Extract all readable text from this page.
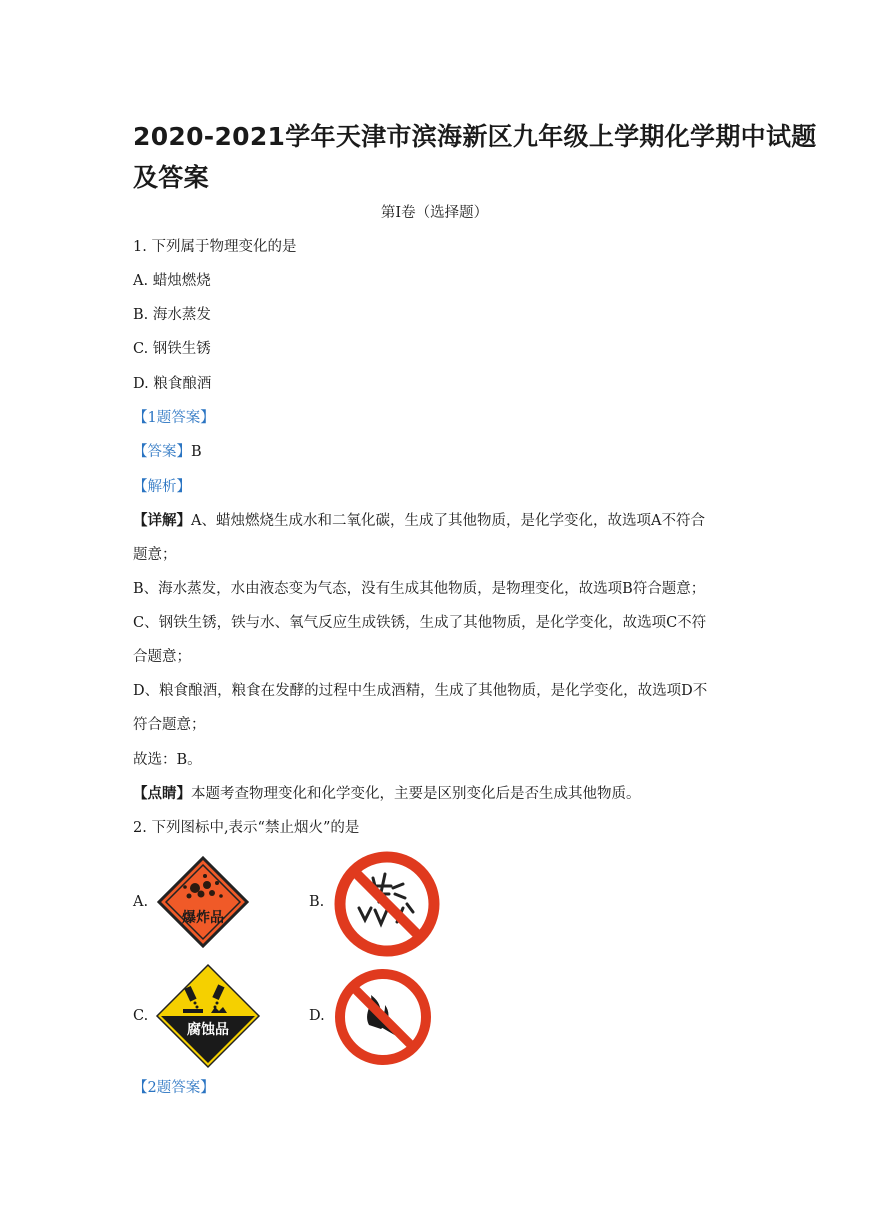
2020-2021学年天津市滨海新区九年级上学期化学期中试题
及答案
第Ⅰ卷（选择题）
1. 下列属于物理变化的是
A. 蜡烛燃烧
B. 海水蒸发
C. 钢铁生锈
D. 粮食酿酒
【1题答案】
【答案】B
【解析】
【详解】A、蜡烛燃烧生成水和二氧化碳，生成了其他物质，是化学变化，故选项A不符合
题意；
B、海水蒸发，水由液态变为气态，没有生成其他物质，是物理变化，故选项B符合题意；
C、钢铁生锈，铁与水、氧气反应生成铁锈，生成了其他物质，是化学变化，故选项C不符
合题意；
D、粮食酿酒，粮食在发酵的过程中生成酒精，生成了其他物质，是化学变化，故选项D不
符合题意；
故选：B。
【点睛】本题考查物理变化和化学变化，主要是区别变化后是否生成其他物质。
2. 下列图标中,表示“禁止烟火”的是
A.
爆炸品
B.
C.
腐蚀品
D.
【2题答案】
